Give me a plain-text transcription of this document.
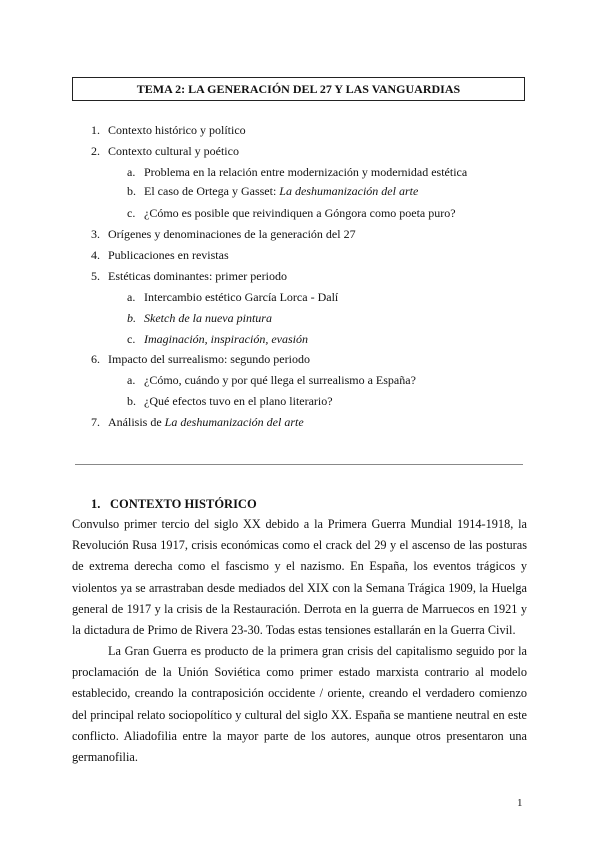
TEMA 2: LA GENERACIÓN DEL 27 Y LAS VANGUARDIAS
1. Contexto histórico y político
2. Contexto cultural y poético
a. Problema en la relación entre modernización y modernidad estética
b. El caso de Ortega y Gasset: La deshumanización del arte
c. ¿Cómo es posible que reivindiquen a Góngora como poeta puro?
3. Orígenes y denominaciones de la generación del 27
4. Publicaciones en revistas
5. Estéticas dominantes: primer periodo
a. Intercambio estético García Lorca - Dalí
b. Sketch de la nueva pintura
c. Imaginación, inspiración, evasión
6. Impacto del surrealismo: segundo periodo
a. ¿Cómo, cuándo y por qué llega el surrealismo a España?
b. ¿Qué efectos tuvo en el plano literario?
7. Análisis de La deshumanización del arte
1. CONTEXTO HISTÓRICO

Convulso primer tercio del siglo XX debido a la Primera Guerra Mundial 1914-1918, la Revolución Rusa 1917, crisis económicas como el crack del 29 y el ascenso de las posturas de extrema derecha como el fascismo y el nazismo. En España, los eventos trágicos y violentos ya se arrastraban desde mediados del XIX con la Semana Trágica 1909, la Huelga general de 1917 y la crisis de la Restauración. Derrota en la guerra de Marruecos en 1921 y la dictadura de Primo de Rivera 23-30. Todas estas tensiones estallarán en la Guerra Civil.

La Gran Guerra es producto de la primera gran crisis del capitalismo seguido por la proclamación de la Unión Soviética como primer estado marxista contrario al modelo establecido, creando la contraposición occidente / oriente, creando el verdadero comienzo del principal relato sociopolítico y cultural del siglo XX. España se mantiene neutral en este conflicto. Aliadofilia entre la mayor parte de los autores, aunque otros presentaron una germanofilia.

1
